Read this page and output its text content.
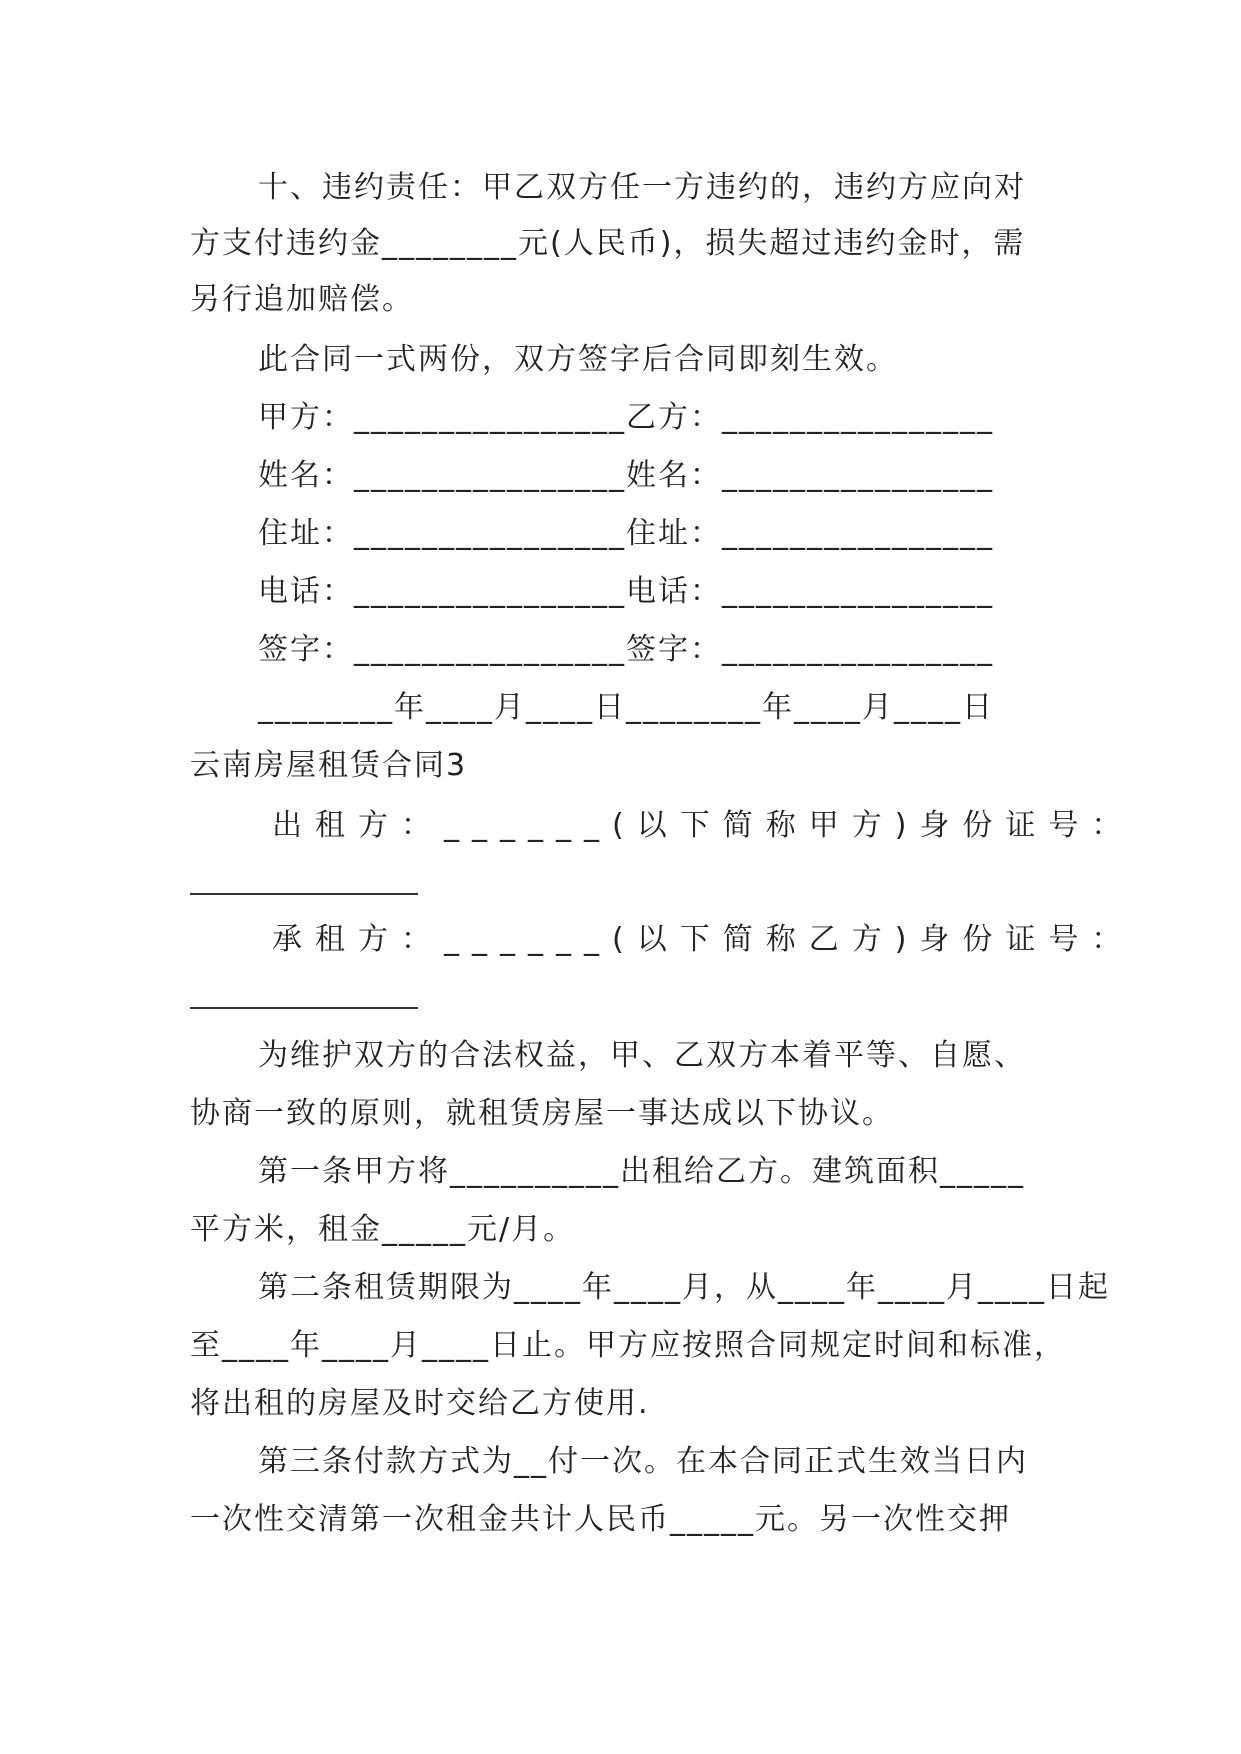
十、违约责任：甲乙双方任一方违约的，违约方应向对
方支付违约金________元(人民币)，损失超过违约金时，需
另行追加赔偿。
此合同一式两份，双方签字后合同即刻生效。
甲方：________________乙方：________________
姓名：________________姓名：________________
住址：________________住址：________________
电话：________________电话：________________
签字：________________签字：________________
________年____月____日________年____月____日
云南房屋租赁合同3
出租方：______(以下简称甲方)身份证号：
承租方：______(以下简称乙方)身份证号：
为维护双方的合法权益，甲、乙双方本着平等、自愿、
协商一致的原则，就租赁房屋一事达成以下协议。
第一条甲方将__________出租给乙方。建筑面积_____
平方米，租金_____元/月。
第二条租赁期限为____年____月，从____年____月____日起
至____年____月____日止。甲方应按照合同规定时间和标准，
将出租的房屋及时交给乙方使用.
第三条付款方式为__付一次。在本合同正式生效当日内
一次性交清第一次租金共计人民币_____元。另一次性交押
